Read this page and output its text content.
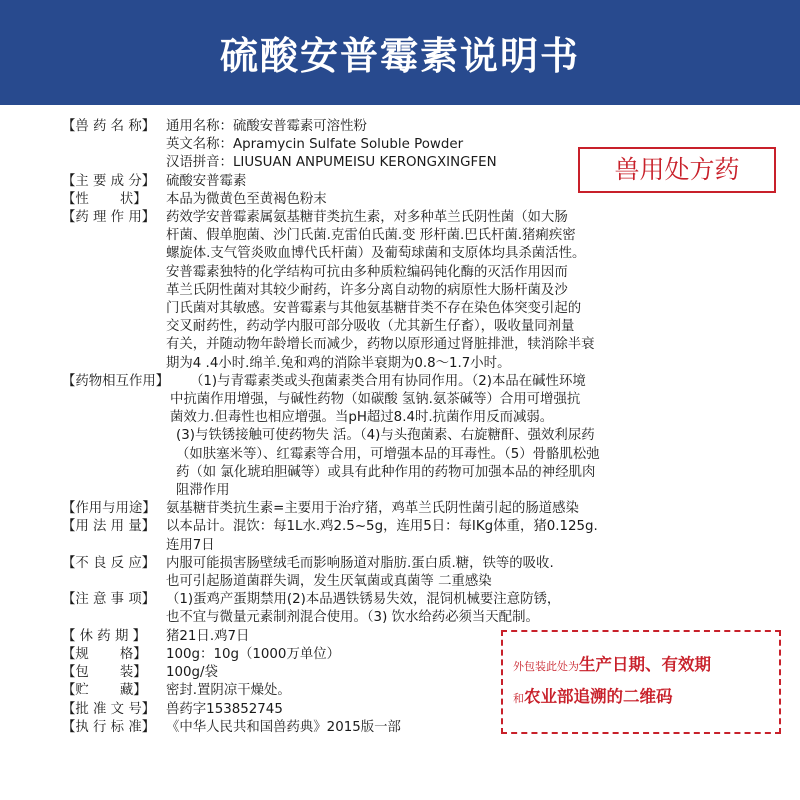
硫酸安普霉素说明书
兽用处方药
【兽 药 名 称】 通用名称：硫酸安普霉素可溶性粉
英文名称：Apramycin Sulfate Soluble Powder
汉语拼音：LIUSUAN ANPUMEISU KERONGXINGFEN
【主 要 成 分】 硫酸安普霉素
【性　　 状】	本品为微黄色至黄褐色粉末
【药 理 作 用】 药效学安普霉素属氨基糖苷类抗生素，对多种革兰氏阴性菌（如大肠
杆菌、假单胞菌、沙门氏菌.克雷伯氏菌.变 形杆菌.巴氏杆菌.猪痢疾密
螺旋体.支气管炎败血博代氏杆菌）及葡萄球菌和支原体均具杀菌活性。
安普霉素独特的化学结构可抗由多种质粒编码钝化酶的灭活作用因而
革兰氏阴性菌对其较少耐药，许多分离自动物的病原性大肠杆菌及沙
门氏菌对其敏感。安普霉素与其他氨基糖苷类不存在染色体突变引起的
交叉耐药性，药动学内服可部分吸收（尤其新生仔畜），吸收量同剂量
有关，并随动物年龄增长而减少，药物以原形通过肾脏排泄，犊消除半衰
期为4 .4小时.绵羊.兔和鸡的消除半衰期为0.8～1.7小时。
【药物相互作用】	（1)与青霉素类或头孢菌素类合用有协同作用。（2)本品在碱性环境
中抗菌作用增强，与碱性药物（如碳酸 氢钠.氨茶碱等）合用可增强抗
菌效力.但毒性也相应增强。当pH超过8.4时.抗菌作用反而减弱。
(3)与铁锈接触可使药物失 活。（4)与头孢菌素、右旋糖酐、强效利尿药
（如肤塞米等）、红霉素等合用，可增强本品的耳毒性。（5）骨骼肌松弛
药（如 氯化琥珀胆碱等）或具有此种作用的药物可加强本品的神经肌肉
阻滞作用
【作用与用途】 氨基糖苷类抗生素=主要用于治疗猪，鸡革兰氏阴性菌引起的肠道感染
【用 法 用 量】 以本品计。混饮：每1L水.鸡2.5~5g，连用5日：每IKg体重，猪0.125g.
连用7日
【不 良 反 应】 内服可能损害肠壁绒毛而影响肠道对脂肪.蛋白质.糖，铁等的吸收.
也可引起肠道菌群失调，发生厌氧菌或真菌等 二重感染
【注 意 事 项】 （1)蛋鸡产蛋期禁用(2)本品遇铁锈易失效，混饲机械要注意防锈，
也不宜与微量元素制剂混合使用。（3) 饮水给药必须当天配制。
【 休 药 期 】	猪21日.鸡7日
【规　　 格】	100g：10g（1000万单位）
【包　　 装】	100g/袋
【贮　　 藏】	密封.置阴凉干燥处。
【批 准 文 号】 兽药字153852745
【执 行 标 准】 《中华人民共和国兽药典》2015版一部
外包装此处为生产日期、有效期
和农业部追溯的二维码
